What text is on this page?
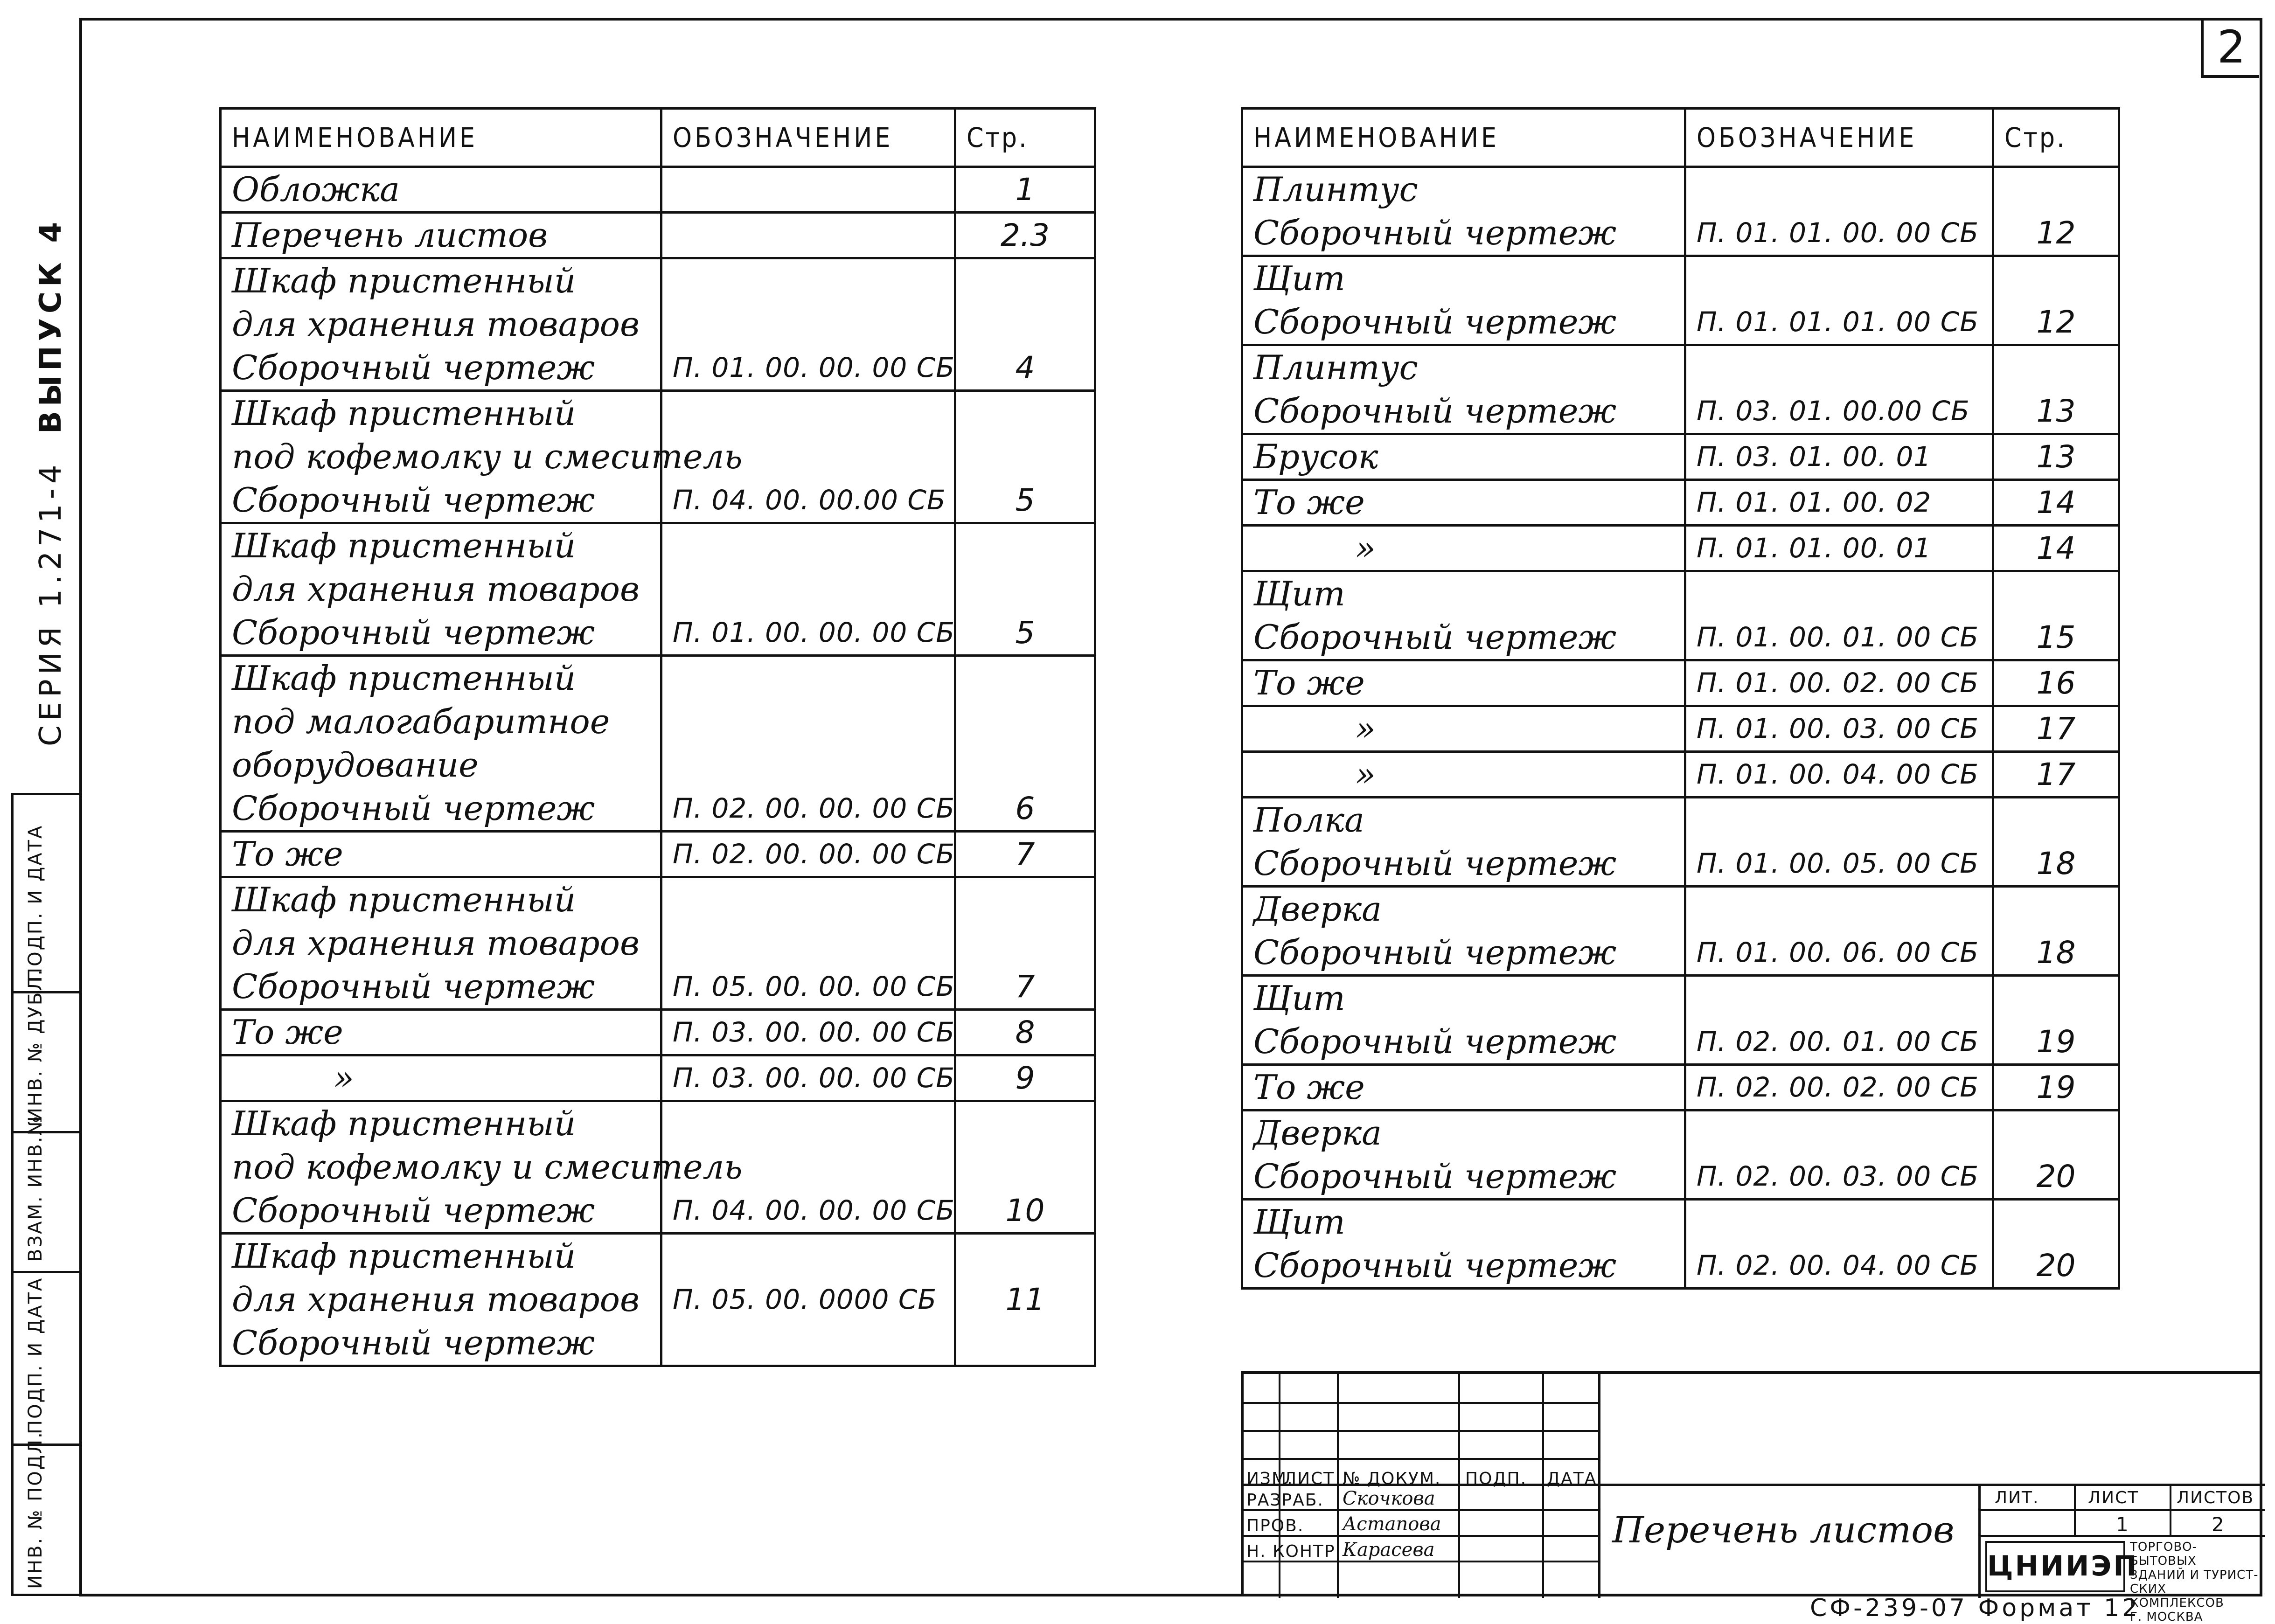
2
СЕРИЯ 1.271-4
ВЫПУСК 4
ПОДП. И ДАТА
ИНВ. № ДУБЛ.
ВЗАМ. ИНВ.№
ПОДП. И ДАТА
ИНВ. № ПОДЛ.
НАИМЕНОВАНИЕ	ОБОЗНАЧЕНИЕ	Стр.

Обложка		1

Перечень листов		2.3

Шкаф пристенный
для хранения товаров
Сборочный чертеж	П. 01. 00. 00. 00 СБ	4

Шкаф пристенный
под кофемолку и смеситель
Сборочный чертеж	П. 04. 00. 00.00 СБ	5

Шкаф пристенный
для хранения товаров
Сборочный чертеж	П. 01. 00. 00. 00 СБ	5

Шкаф пристенный
под малогабаритное
оборудование
Сборочный чертеж	П. 02. 00. 00. 00 СБ	6

То же	П. 02. 00. 00. 00 СБ	7

Шкаф пристенный
для хранения товаров
Сборочный чертеж	П. 05. 00. 00. 00 СБ	7

То же	П. 03. 00. 00. 00 СБ	8

»	П. 03. 00. 00. 00 СБ	9

Шкаф пристенный
под кофемолку и смеситель
Сборочный чертеж	П. 04. 00. 00. 00 СБ	10

Шкаф пристенный
для хранения товаров
Сборочный чертеж	П. 05. 00. 0000 СБ	11
НАИМЕНОВАНИЕ	ОБОЗНАЧЕНИЕ	Стр.

Плинтус
Сборочный чертеж	П. 01. 01. 00. 00 СБ	12

Щит
Сборочный чертеж	П. 01. 01. 01. 00 СБ	12

Плинтус
Сборочный чертеж	П. 03. 01. 00.00 СБ	13

Брусок	П. 03. 01. 00. 01	13

То же	П. 01. 01. 00. 02	14

»	П. 01. 01. 00. 01	14

Щит
Сборочный чертеж	П. 01. 00. 01. 00 СБ	15

То же	П. 01. 00. 02. 00 СБ	16

»	П. 01. 00. 03. 00 СБ	17

»	П. 01. 00. 04. 00 СБ	17

Полка
Сборочный чертеж	П. 01. 00. 05. 00 СБ	18

Дверка
Сборочный чертеж	П. 01. 00. 06. 00 СБ	18

Щит
Сборочный чертеж	П. 02. 00. 01. 00 СБ	19

То же	П. 02. 00. 02. 00 СБ	19

Дверка
Сборочный чертеж	П. 02. 00. 03. 00 СБ	20

Щит
Сборочный чертеж	П. 02. 00. 04. 00 СБ	20
ИЗМ.
ЛИСТ № ДОКУМ. ПОДП. ДАТА
РАЗРАБ. Скочкова
ПРОВ. Астапова
Н. КОНТР. Карасева	Перечень листов
ЛИТ.	ЛИСТ ЛИСТОВ
1	2
ЦНИИЭП
ТОРГОВО-БЫТОВЫХ
ЗДАНИЙ И ТУРИСТ-
СКИХ КОМПЛЕКСОВ
Г. МОСКВА
СФ-239-07 Формат 12
